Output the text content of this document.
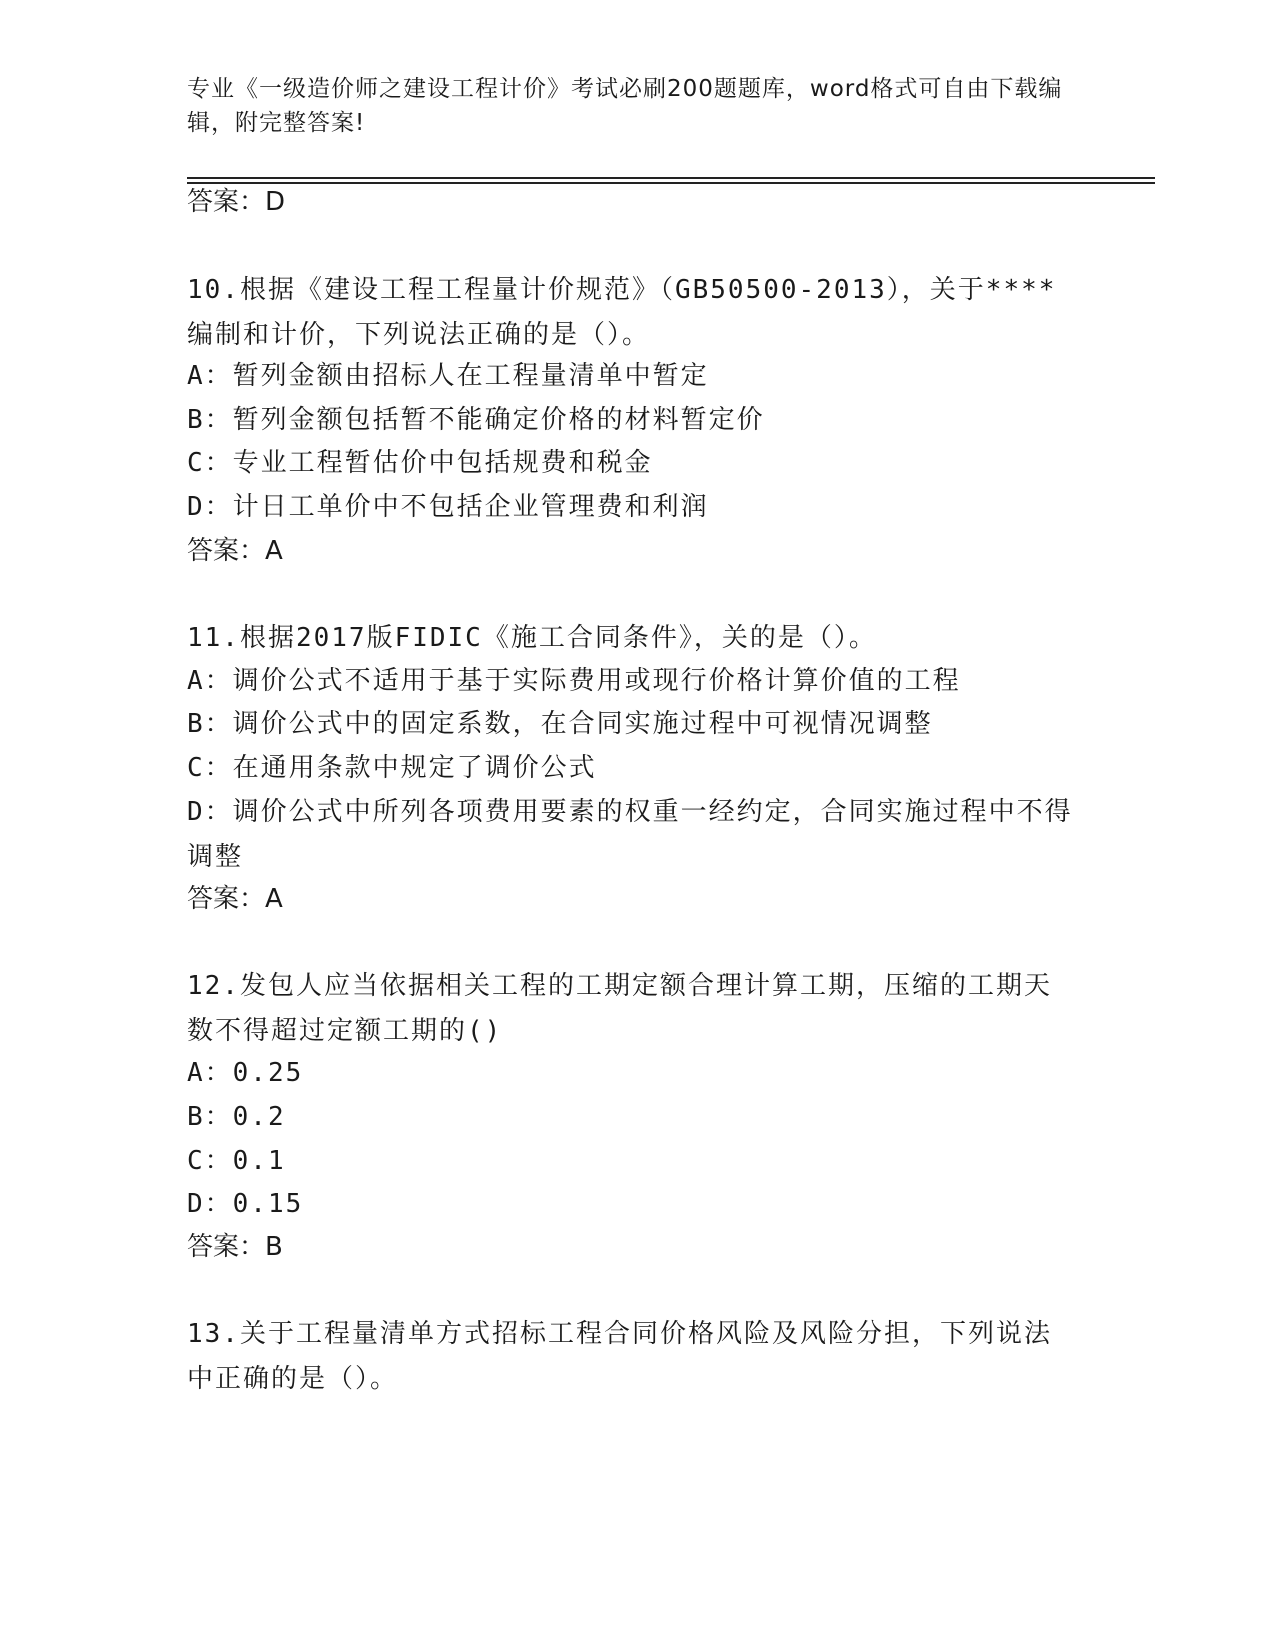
专业《一级造价师之建设工程计价》考试必刷200题题库，word格式可自由下载编辑，附完整答案!

答案：D

10.根据《建设工程工程量计价规范》（GB50500-2013），关于****编制和计价，下列说法正确的是（）。

A：暂列金额由招标人在工程量清单中暂定

B：暂列金额包括暂不能确定价格的材料暂定价

C：专业工程暂估价中包括规费和税金

D：计日工单价中不包括企业管理费和利润

答案：A

11.根据2017版FIDIC《施工合同条件》，关的是（）。

A：调价公式不适用于基于实际费用或现行价格计算价值的工程

B：调价公式中的固定系数，在合同实施过程中可视情况调整

C：在通用条款中规定了调价公式

D：调价公式中所列各项费用要素的权重一经约定，合同实施过程中不得调整

答案：A

12.发包人应当依据相关工程的工期定额合理计算工期，压缩的工期天数不得超过定额工期的()

A：0.25

B：0.2

C：0.1

D：0.15

答案：B

13.关于工程量清单方式招标工程合同价格风险及风险分担，下列说法中正确的是（）。
